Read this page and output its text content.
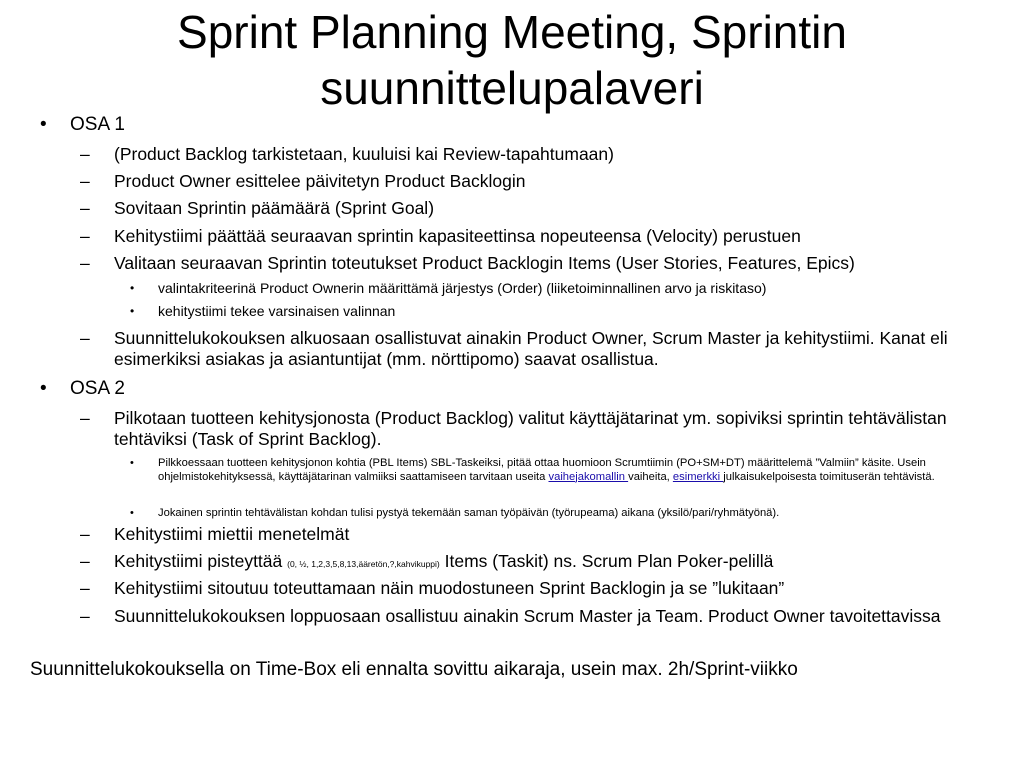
Sprint Planning Meeting, Sprintin
suunnittelupalaveri
• OSA 1
– (Product Backlog tarkistetaan, kuuluisi kai Review-tapahtumaan)
– Product Owner esittelee päivitetyn Product Backlogin
– Sovitaan Sprintin päämäärä (Sprint Goal)
– Kehitystiimi päättää seuraavan sprintin kapasiteettinsa nopeuteensa (Velocity) perustuen
– Valitaan seuraavan Sprintin toteutukset Product Backlogin Items (User Stories, Features, Epics)
• valintakriteerinä Product Ownerin määrittämä järjestys (Order) (liiketoiminnallinen arvo ja riskitaso)
• kehitystiimi tekee varsinaisen valinnan
– Suunnittelukokouksen alkuosaan osallistuvat ainakin Product Owner, Scrum Master ja kehitystiimi. Kanat eli esimerkiksi asiakas ja asiantuntijat (mm. nörttipomo) saavat osallistua.
• OSA 2
– Pilkotaan tuotteen kehitysjonosta (Product Backlog) valitut käyttäjätarinat ym. sopiviksi sprintin tehtävälistan tehtäviksi (Task of Sprint Backlog).
• Pilkkoessaan tuotteen kehitysjonon kohtia (PBL Items) SBL-Taskeiksi, pitää ottaa huomioon Scrumtiimin (PO+SM+DT) määrittelemä ”Valmiin” käsite. Usein ohjelmistokehityksessä, käyttäjätarinan valmiiksi saattamiseen tarvitaan useita vaihejakomallin vaiheita, esimerkki julkaisukelpoisesta toimituserän tehtävistä.
• Jokainen sprintin tehtävälistan kohdan tulisi pystyä tekemään saman työpäivän (työrupeama) aikana (yksilö/pari/ryhmätyönä).
– Kehitystiimi miettii menetelmät
– Kehitystiimi pisteyttää (0, ½, 1,2,3,5,8,13,ääretön,?,kahvikuppi) Items (Taskit) ns. Scrum Plan Poker-pelillä
– Kehitystiimi sitoutuu toteuttamaan näin muodostuneen Sprint Backlogin ja se ”lukitaan”
– Suunnittelukokouksen loppuosaan osallistuu ainakin Scrum Master ja Team. Product Owner tavoitettavissa
Suunnittelukokouksella on Time-Box eli ennalta sovittu aikaraja, usein max. 2h/Sprint-viikko
